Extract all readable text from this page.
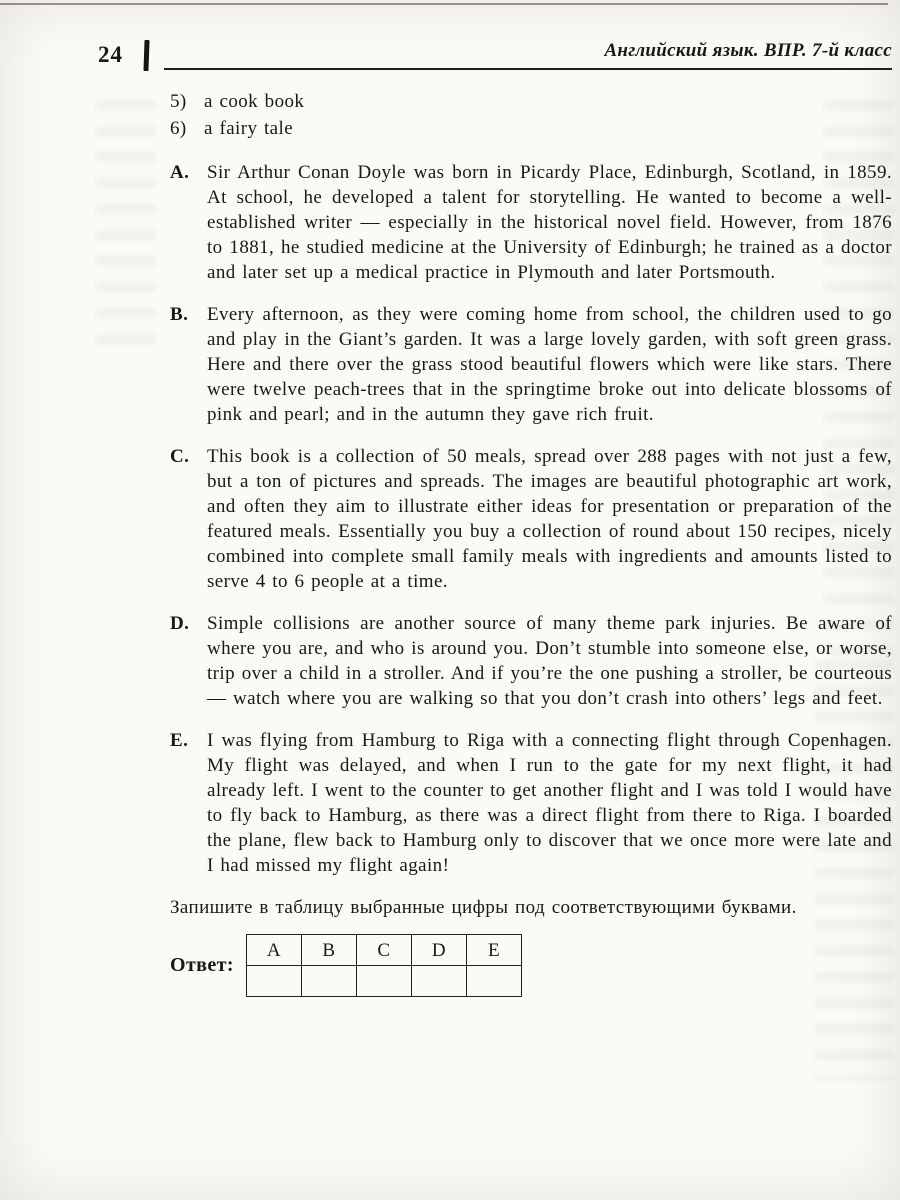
24	Английский язык. ВПР. 7-й класс
5) a cook book
6) a fairy tale

A. Sir Arthur Conan Doyle was born in Picardy Place, Edinburgh, Scotland, in 1859. At school, he developed a talent for storytelling. He wanted to become a well-established writer — especially in the historical novel field. However, from 1876 to 1881, he studied medicine at the University of Edinburgh; he trained as a doctor and later set up a medical practice in Plymouth and later Portsmouth.

B. Every afternoon, as they were coming home from school, the children used to go and play in the Giant’s garden. It was a large lovely garden, with soft green grass. Here and there over the grass stood beautiful flowers which were like stars. There were twelve peach-trees that in the springtime broke out into delicate blossoms of pink and pearl; and in the autumn they gave rich fruit.

C. This book is a collection of 50 meals, spread over 288 pages with not just a few, but a ton of pictures and spreads. The images are beautiful photographic art work, and often they aim to illustrate either ideas for presentation or preparation of the featured meals. Essentially you buy a collection of round about 150 recipes, nicely combined into complete small family meals with ingredients and amounts listed to serve 4 to 6 people at a time.

D. Simple collisions are another source of many theme park injuries. Be aware of where you are, and who is around you. Don’t stumble into someone else, or worse, trip over a child in a stroller. And if you’re the one pushing a stroller, be courteous — watch where you are walking so that you don’t crash into others’ legs and feet.

E. I was flying from Hamburg to Riga with a connecting flight through Copenhagen. My flight was delayed, and when I run to the gate for my next flight, it had already left. I went to the counter to get another flight and I was told I would have to fly back to Hamburg, as there was a direct flight from there to Riga. I boarded the plane, flew back to Hamburg only to discover that we once more were late and I had missed my flight again!

Запишите в таблицу выбранные цифры под соответствующими буквами.

Ответ:
A	B	C	D	E
